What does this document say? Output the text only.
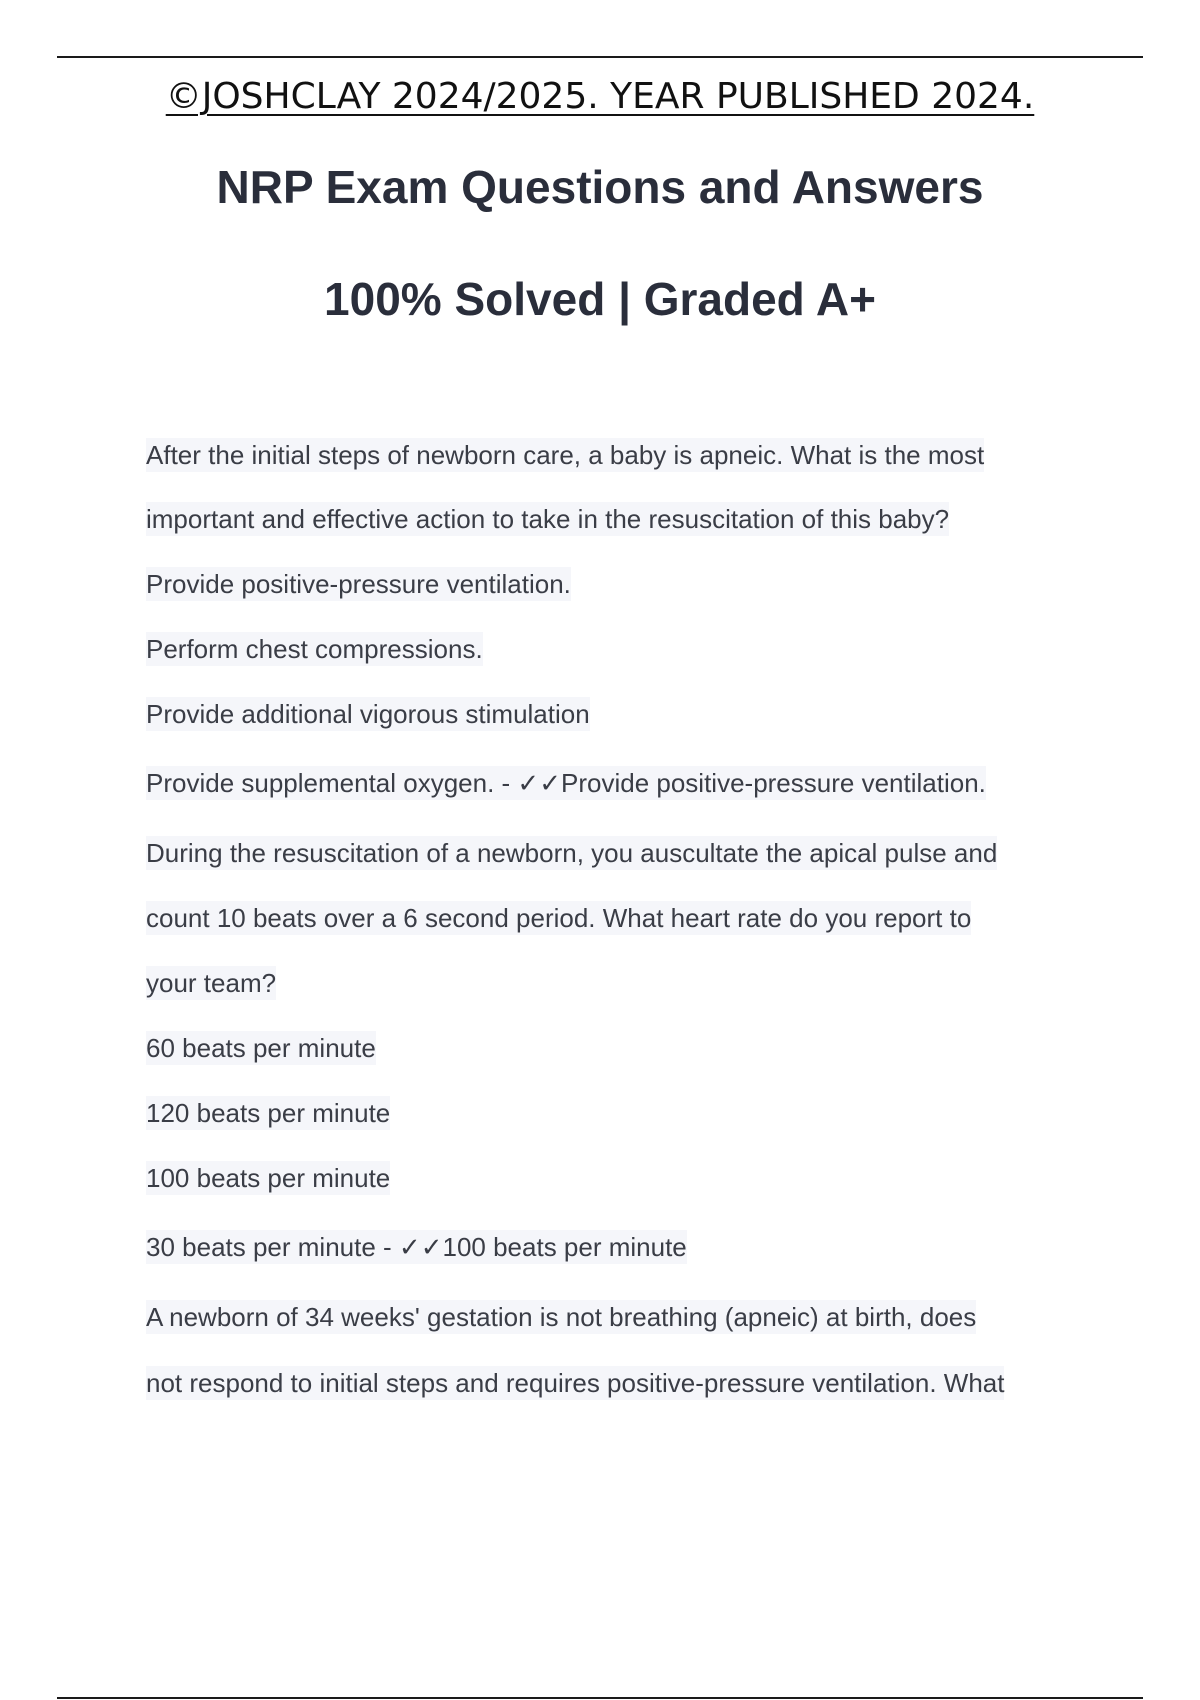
©JOSHCLAY 2024/2025. YEAR PUBLISHED 2024.
NRP Exam Questions and Answers
100% Solved | Graded A+
After the initial steps of newborn care, a baby is apneic. What is the most
important and effective action to take in the resuscitation of this baby?
Provide positive-pressure ventilation.
Perform chest compressions.
Provide additional vigorous stimulation
Provide supplemental oxygen. - ✓✓Provide positive-pressure ventilation.
During the resuscitation of a newborn, you auscultate the apical pulse and
count 10 beats over a 6 second period. What heart rate do you report to
your team?
60 beats per minute
120 beats per minute
100 beats per minute
30 beats per minute - ✓✓100 beats per minute
A newborn of 34 weeks' gestation is not breathing (apneic) at birth, does
not respond to initial steps and requires positive-pressure ventilation. What
